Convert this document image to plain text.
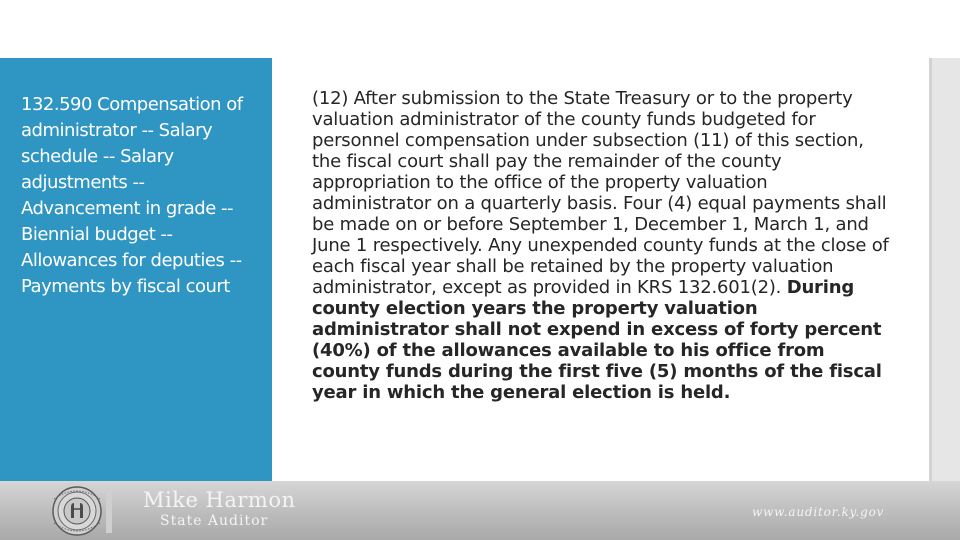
132.590 Compensation of administrator -- Salary schedule -- Salary adjustments -- Advancement in grade -- Biennial budget -- Allowances for deputies -- Payments by fiscal court
(12) After submission to the State Treasury or to the property valuation administrator of the county funds budgeted for personnel compensation under subsection (11) of this section, the fiscal court shall pay the remainder of the county appropriation to the office of the property valuation administrator on a quarterly basis. Four (4) equal payments shall be made on or before September 1, December 1, March 1, and June 1 respectively. Any unexpended county funds at the close of each fiscal year shall be retained by the property valuation administrator, except as provided in KRS 132.601(2). During county election years the property valuation administrator shall not expend in excess of forty percent (40%) of the allowances available to his office from county funds during the first five (5) months of the fiscal year in which the general election is held.
Mike Harmon
State Auditor
www.auditor.ky.gov
